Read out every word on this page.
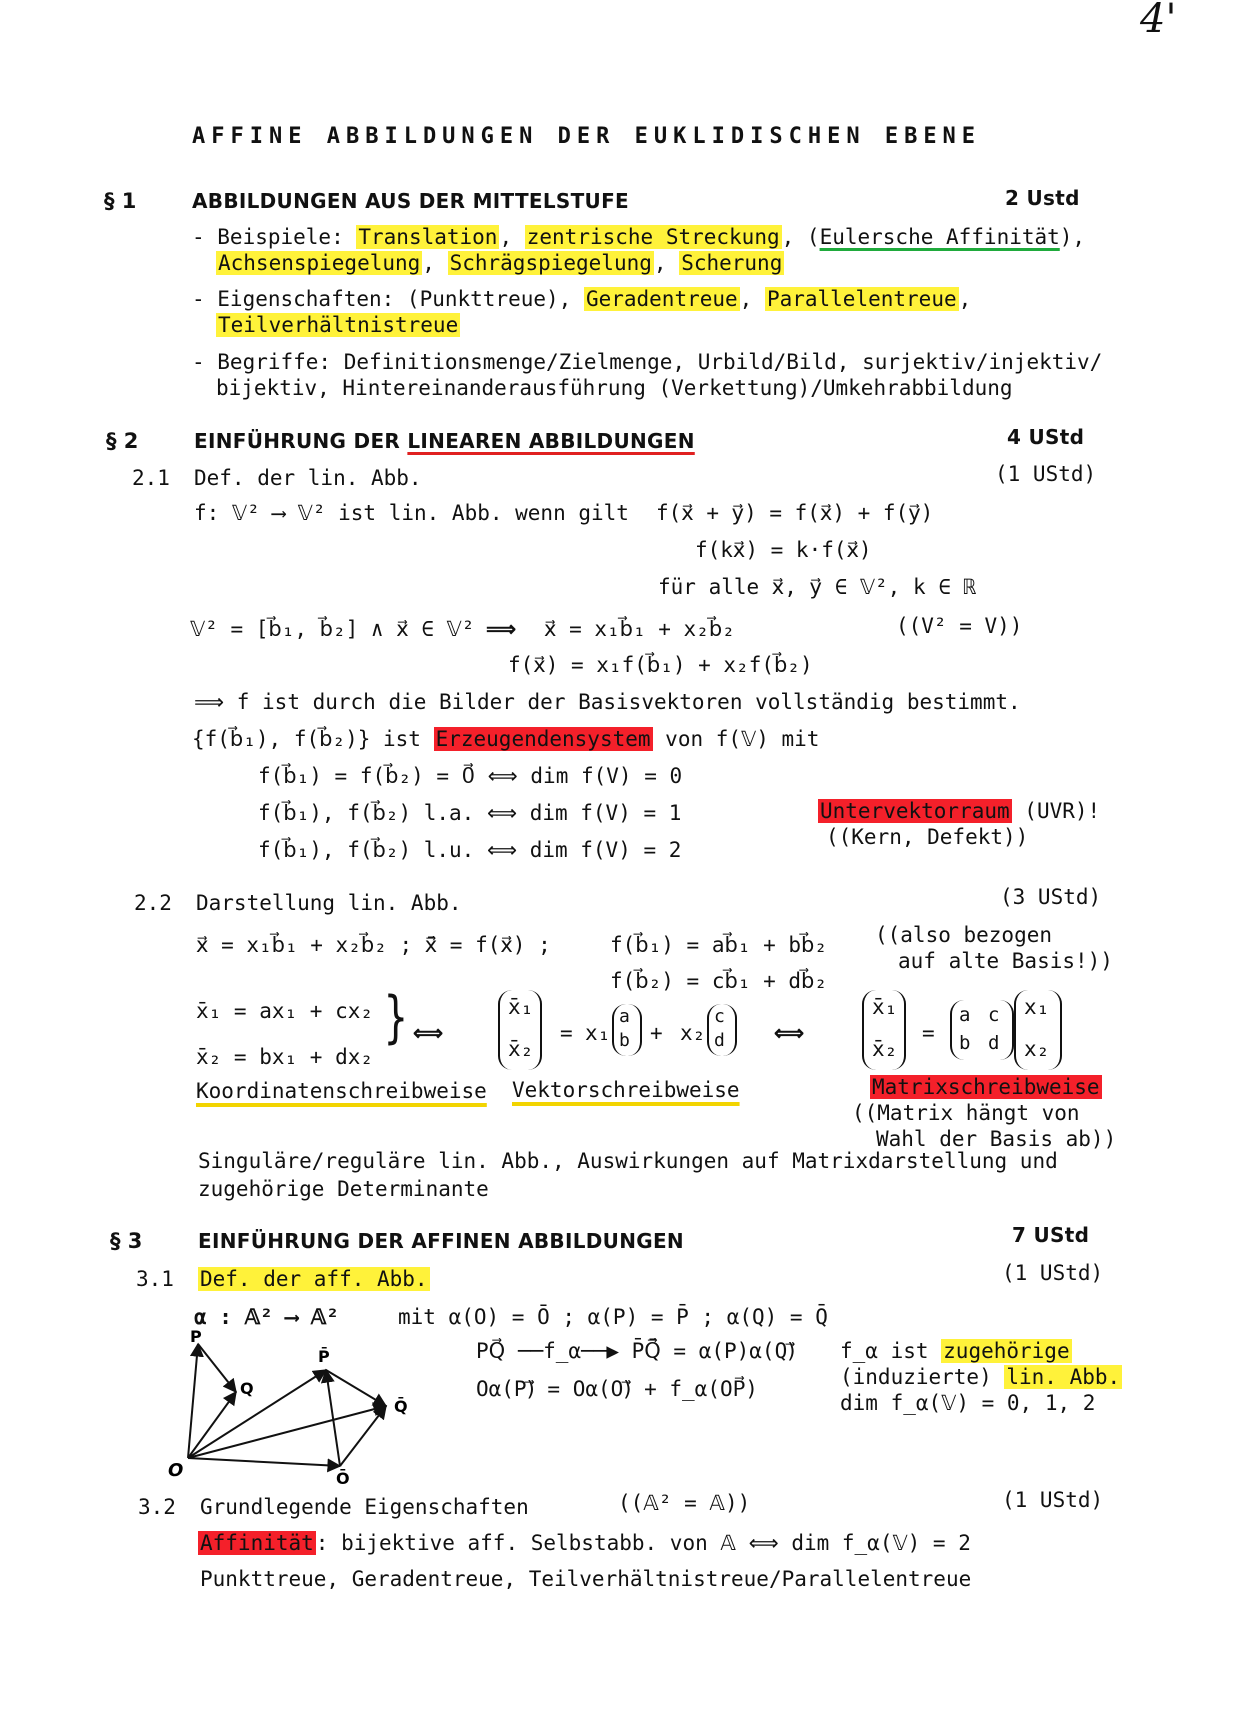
4'
AFFINE ABBILDUNGEN DER EUKLIDISCHEN EBENE
§ 1	ABBILDUNGEN AUS DER MITTELSTUFE	2 Ustd
- Beispiele: Translation, zentrische Streckung, (Eulersche Affinität),
Achsenspiegelung, Schrägspiegelung, Scherung
- Eigenschaften: (Punkttreue), Geradentreue, Parallelentreue,
Teilverhältnistreue
- Begriffe: Definitionsmenge/Zielmenge, Urbild/Bild, surjektiv/injektiv/
bijektiv, Hintereinanderausführung (Verkettung)/Umkehrabbildung
§ 2	EINFÜHRUNG DER LINEAREN ABBILDUNGEN	4 UStd
2.1 Def. der lin. Abb.	(1 UStd)
f: 𝕍² ⟶ 𝕍² ist lin. Abb. wenn gilt f(x⃗ + y⃗) = f(x⃗) + f(y⃗)
f(kx⃗) = k·f(x⃗)
für alle x⃗, y⃗ ∈ 𝕍², k ∈ ℝ
𝕍² = [b⃗₁, b⃗₂] ∧ x⃗ ∈ 𝕍² ⟹ x⃗ = x₁b⃗₁ + x₂b⃗₂	((V² = V))
f(x⃗) = x₁f(b⃗₁) + x₂f(b⃗₂)
⟹ f ist durch die Bilder der Basisvektoren vollständig bestimmt.
{f(b⃗₁), f(b⃗₂)} ist Erzeugendensystem von f(𝕍) mit
f(b⃗₁) = f(b⃗₂) = 0⃗ ⟺ dim f(V) = 0
f(b⃗₁), f(b⃗₂) l.a. ⟺ dim f(V) = 1
f(b⃗₁), f(b⃗₂) l.u. ⟺ dim f(V) = 2
Untervektorraum (UVR)!
((Kern, Defekt))
2.2 Darstellung lin. Abb.	(3 UStd)
x⃗ = x₁b⃗₁ + x₂b⃗₂ ; x̄⃗ = f(x⃗) ;	f(b⃗₁) = ab⃗₁ + bb⃗₂
f(b⃗₂) = cb⃗₁ + db⃗₂
((also bezogen
auf alte Basis!))
x̄₁ = ax₁ + cx₂
x̄₂ = bx₁ + dx₂
} ⟺
x̄₁
x̄₂
= x₁
a
b + x₂
c
d ⟺
x̄₁
x̄₂
=
a c
b d
x₁
x₂
Koordinatenschreibweise Vektorschreibweise	Matrixschreibweise
((Matrix hängt von
Wahl der Basis ab))
Singuläre/reguläre lin. Abb., Auswirkungen auf Matrixdarstellung und
zugehörige Determinante
§ 3	EINFÜHRUNG DER AFFINEN ABBILDUNGEN	7 UStd
3.1 Def. der aff. Abb.	(1 UStd)
α : 𝔸² ⟶ 𝔸²	mit α(O) = Ō ; α(P) = P̄ ; α(Q) = Q̄
PQ⃗ ──f_α──▶ P̄Q̄⃗ = α(P)α(Q)⃗
Oα(P)⃗ = Oα(O)⃗ + f_α(OP⃗)
f_α ist zugehörige
(induzierte) lin. Abb.
dim f_α(𝕍) = 0, 1, 2
P
Q
P̄
Q̄
O	Ō
3.2 Grundlegende Eigenschaften	((𝔸² = 𝔸))	(1 UStd)
Affinität: bijektive aff. Selbstabb. von 𝔸 ⟺ dim f_α(𝕍) = 2
Punkttreue, Geradentreue, Teilverhältnistreue/Parallelentreue
